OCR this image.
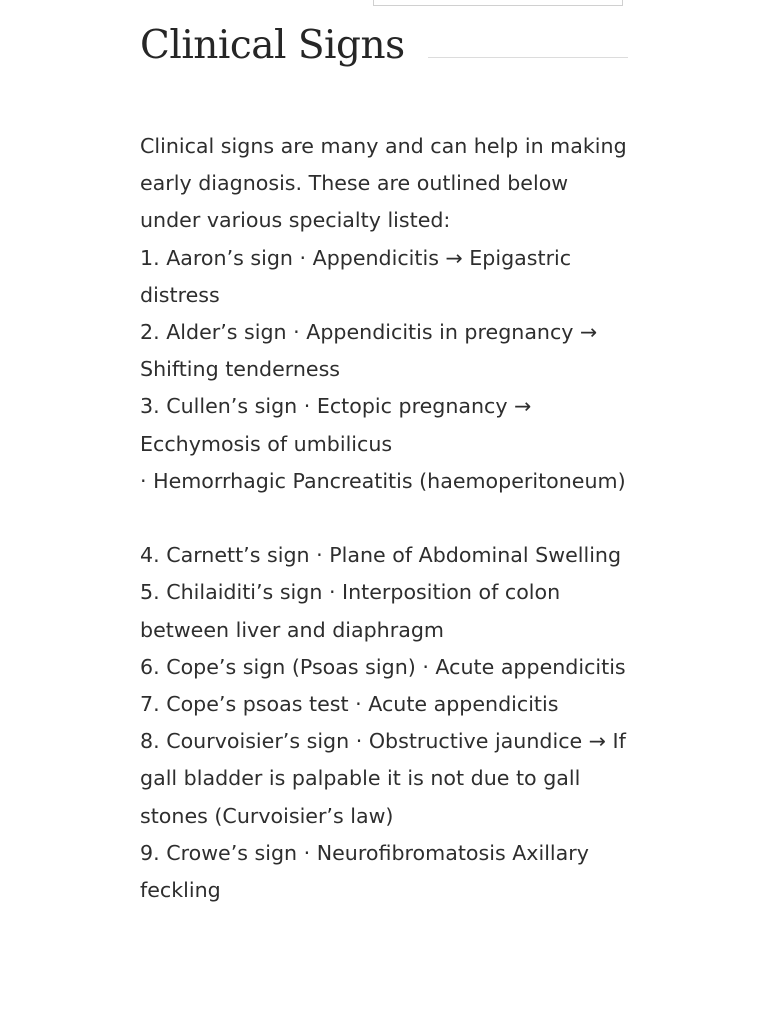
Clinical Signs

Clinical signs are many and can help in making early diagnosis. These are outlined below under various specialty listed:

1. Aaron’s sign · Appendicitis → Epigastric distress

2. Alder’s sign · Appendicitis in pregnancy → Shifting tenderness

3. Cullen’s sign · Ectopic pregnancy → Ecchymosis of umbilicus

· Hemorrhagic Pancreatitis (haemoperitoneum)

4. Carnett’s sign · Plane of Abdominal Swelling

5. Chilaiditi’s sign · Interposition of colon between liver and diaphragm

6. Cope’s sign (Psoas sign) · Acute appendicitis

7. Cope’s psoas test · Acute appendicitis

8. Courvoisier’s sign · Obstructive jaundice → If gall bladder is palpable it is not due to gall stones (Curvoisier’s law)

9. Crowe’s sign · Neurofibromatosis Axillary feckling
